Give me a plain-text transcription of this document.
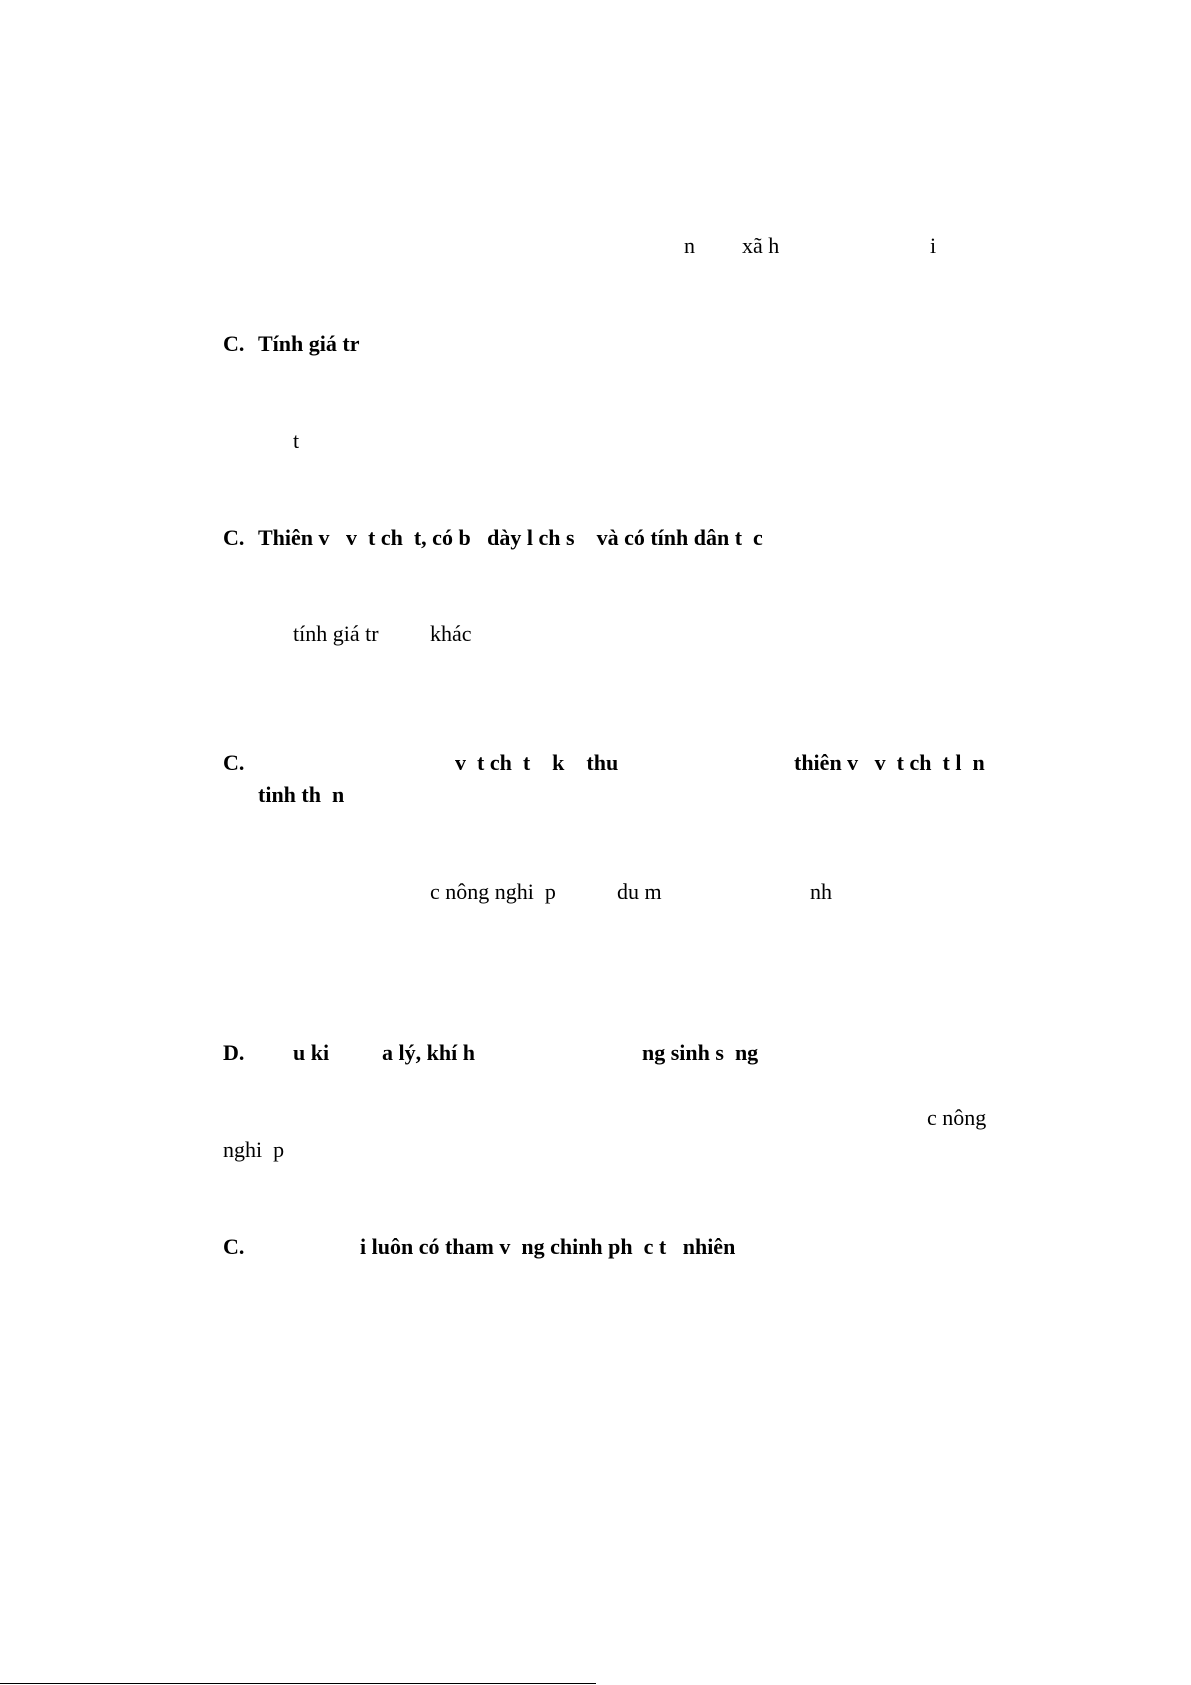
n xã h	i
C. Tính giá tr
t
C. Thiên v   v  t ch  t, có b   dày l ch s    và có tính dân t  c
tính giá tr khác
C.	v  t ch  t    k    thu	thiên v   v  t ch  t l  n
tinh th  n
c nông nghi  p	du m	nh
D. u ki a lý, khí h	ng sinh s  ng
c nông
nghi  p
C.	i luôn có tham v  ng chinh ph  c t   nhiên
